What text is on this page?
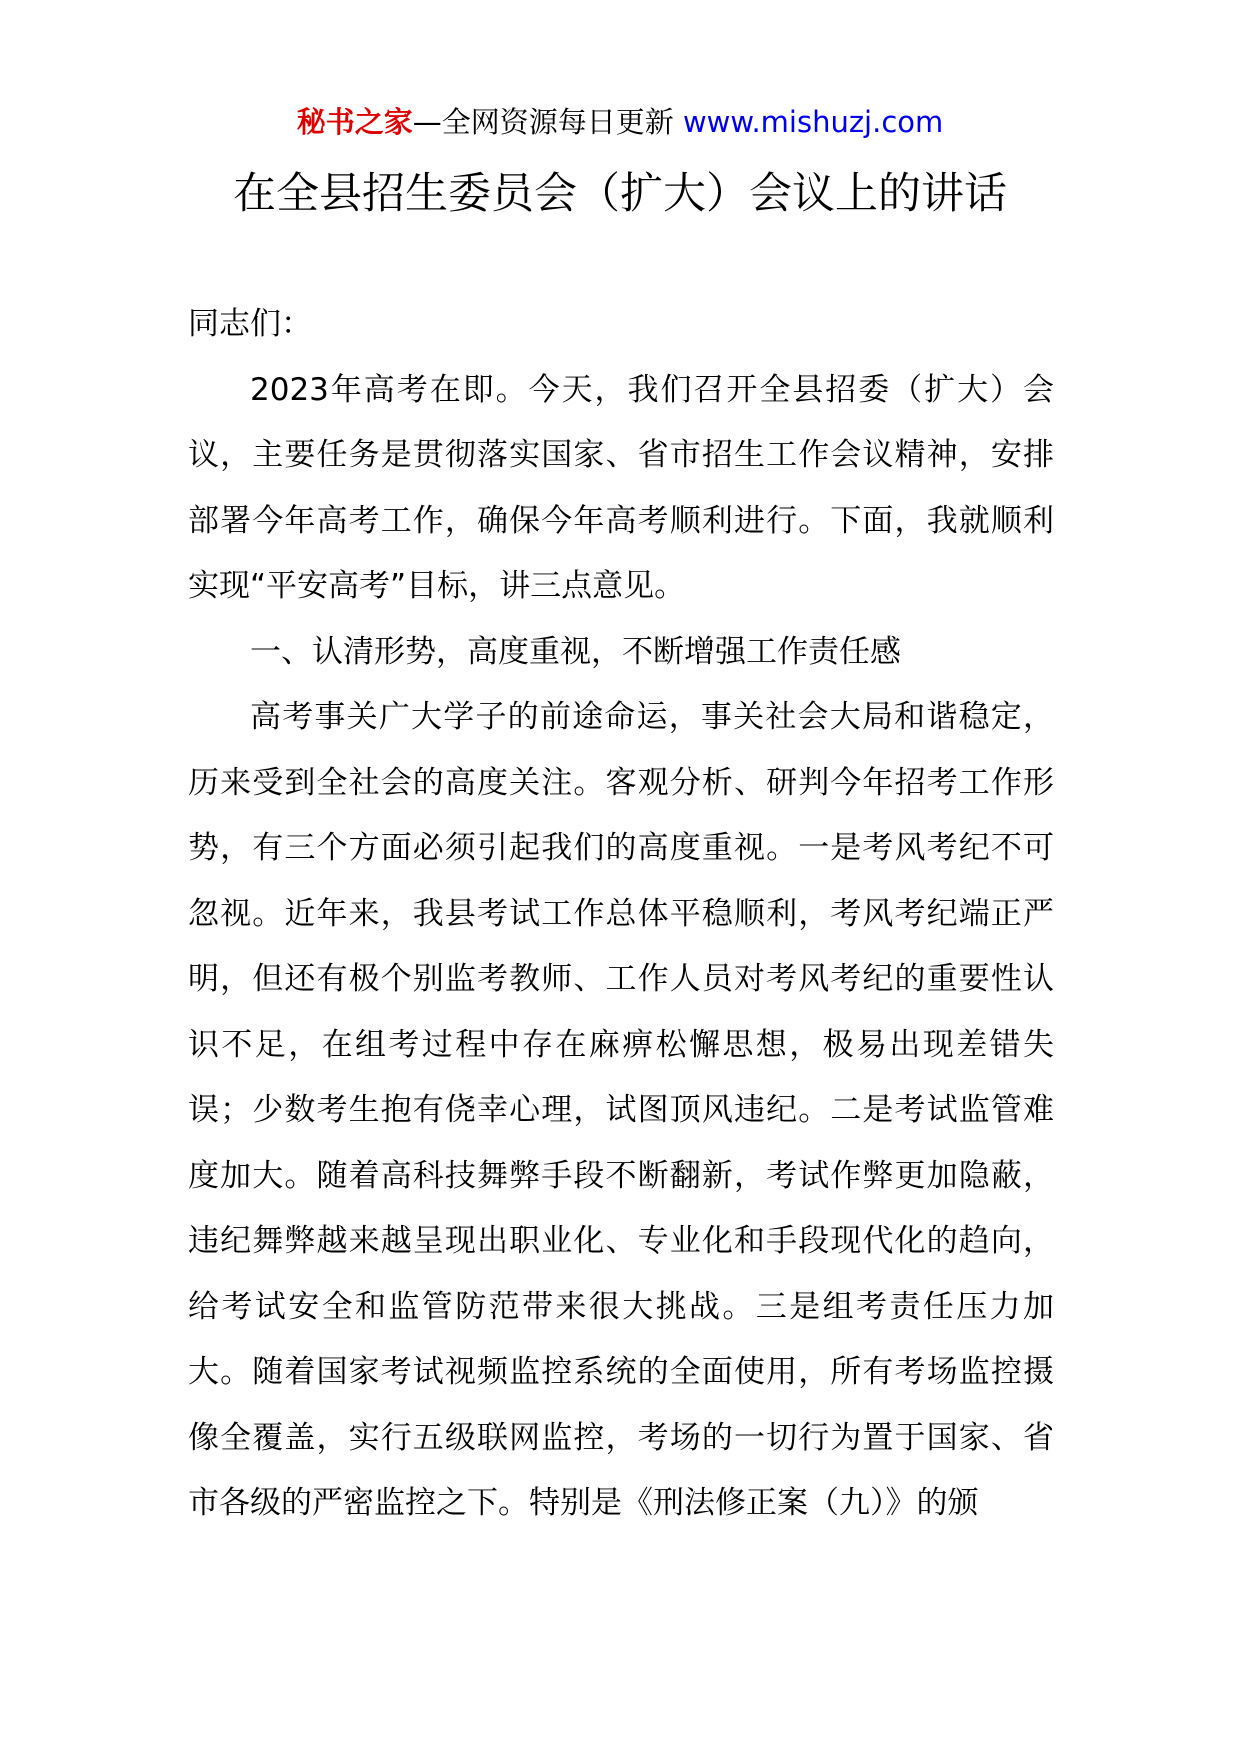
秘书之家—全网资源每日更新 www.mishuzj.com
在全县招生委员会（扩大）会议上的讲话

同志们：

2023年高考在即。今天，我们召开全县招委（扩大）会议，主要任务是贯彻落实国家、省市招生工作会议精神，安排部署今年高考工作，确保今年高考顺利进行。下面，我就顺利实现“平安高考”目标，讲三点意见。

一、认清形势，高度重视，不断增强工作责任感

高考事关广大学子的前途命运，事关社会大局和谐稳定，历来受到全社会的高度关注。客观分析、研判今年招考工作形势，有三个方面必须引起我们的高度重视。一是考风考纪不可忽视。近年来，我县考试工作总体平稳顺利，考风考纪端正严明，但还有极个别监考教师、工作人员对考风考纪的重要性认识不足，在组考过程中存在麻痹松懈思想，极易出现差错失误；少数考生抱有侥幸心理，试图顶风违纪。二是考试监管难度加大。随着高科技舞弊手段不断翻新，考试作弊更加隐蔽，违纪舞弊越来越呈现出职业化、专业化和手段现代化的趋向，给考试安全和监管防范带来很大挑战。三是组考责任压力加大。随着国家考试视频监控系统的全面使用，所有考场监控摄像全覆盖，实行五级联网监控，考场的一切行为置于国家、省市各级的严密监控之下。特别是《刑法修正案（九）》的颁
